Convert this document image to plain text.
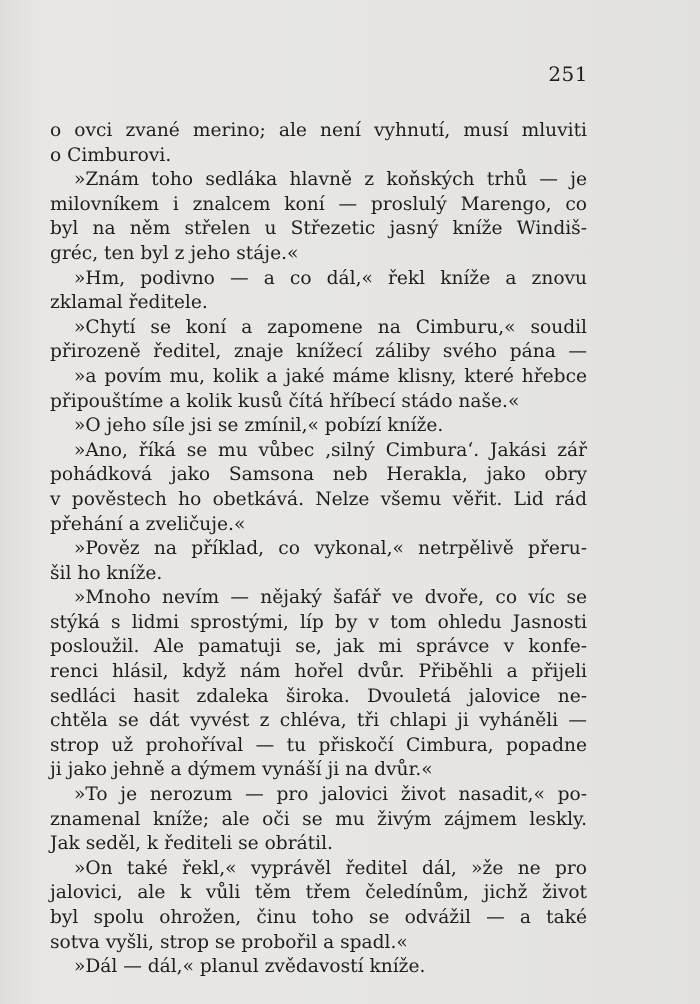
251
o ovci zvané merino; ale není vyhnutí, musí mluviti
o Cimburovi.
»Znám toho sedláka hlavně z koňských trhů — je
milovníkem i znalcem koní — proslulý Marengo, co
byl na něm střelen u Střezetic jasný kníže Windiš-
gréc, ten byl z jeho stáje.«
»Hm, podivno — a co dál,« řekl kníže a znovu
zklamal ředitele.
»Chytí se koní a zapomene na Cimburu,« soudil
přirozeně ředitel, znaje knížecí záliby svého pána —
»a povím mu, kolik a jaké máme klisny, které hřebce
připouštíme a kolik kusů čítá hříbecí stádo naše.«
»O jeho síle jsi se zmínil,« pobízí kníže.
»Ano, říká se mu vůbec ‚silný Cimbura‘. Jakási zář
pohádková jako Samsona neb Herakla, jako obry
v pověstech ho obetkává. Nelze všemu věřit. Lid rád
přehání a zveličuje.«
»Pověz na příklad, co vykonal,« netrpělivě přeru-
šil ho kníže.
»Mnoho nevím — nějaký šafář ve dvoře, co víc se
stýká s lidmi sprostými, líp by v tom ohledu Jasnosti
posloužil. Ale pamatuji se, jak mi správce v konfe-
renci hlásil, když nám hořel dvůr. Přiběhli a přijeli
sedláci hasit zdaleka široka. Dvouletá jalovice ne-
chtěla se dát vyvést z chléva, tři chlapi ji vyháněli —
strop už prohoříval — tu přiskočí Cimbura, popadne
ji jako jehně a dýmem vynáší ji na dvůr.«
»To je nerozum — pro jalovici život nasadit,« po-
znamenal kníže; ale oči se mu živým zájmem leskly.
Jak seděl, k řediteli se obrátil.
»On také řekl,« vyprávěl ředitel dál, »že ne pro
jalovici, ale k vůli těm třem čeledínům, jichž život
byl spolu ohrožen, činu toho se odvážil — a také
sotva vyšli, strop se probořil a spadl.«
»Dál — dál,« planul zvědavostí kníže.
